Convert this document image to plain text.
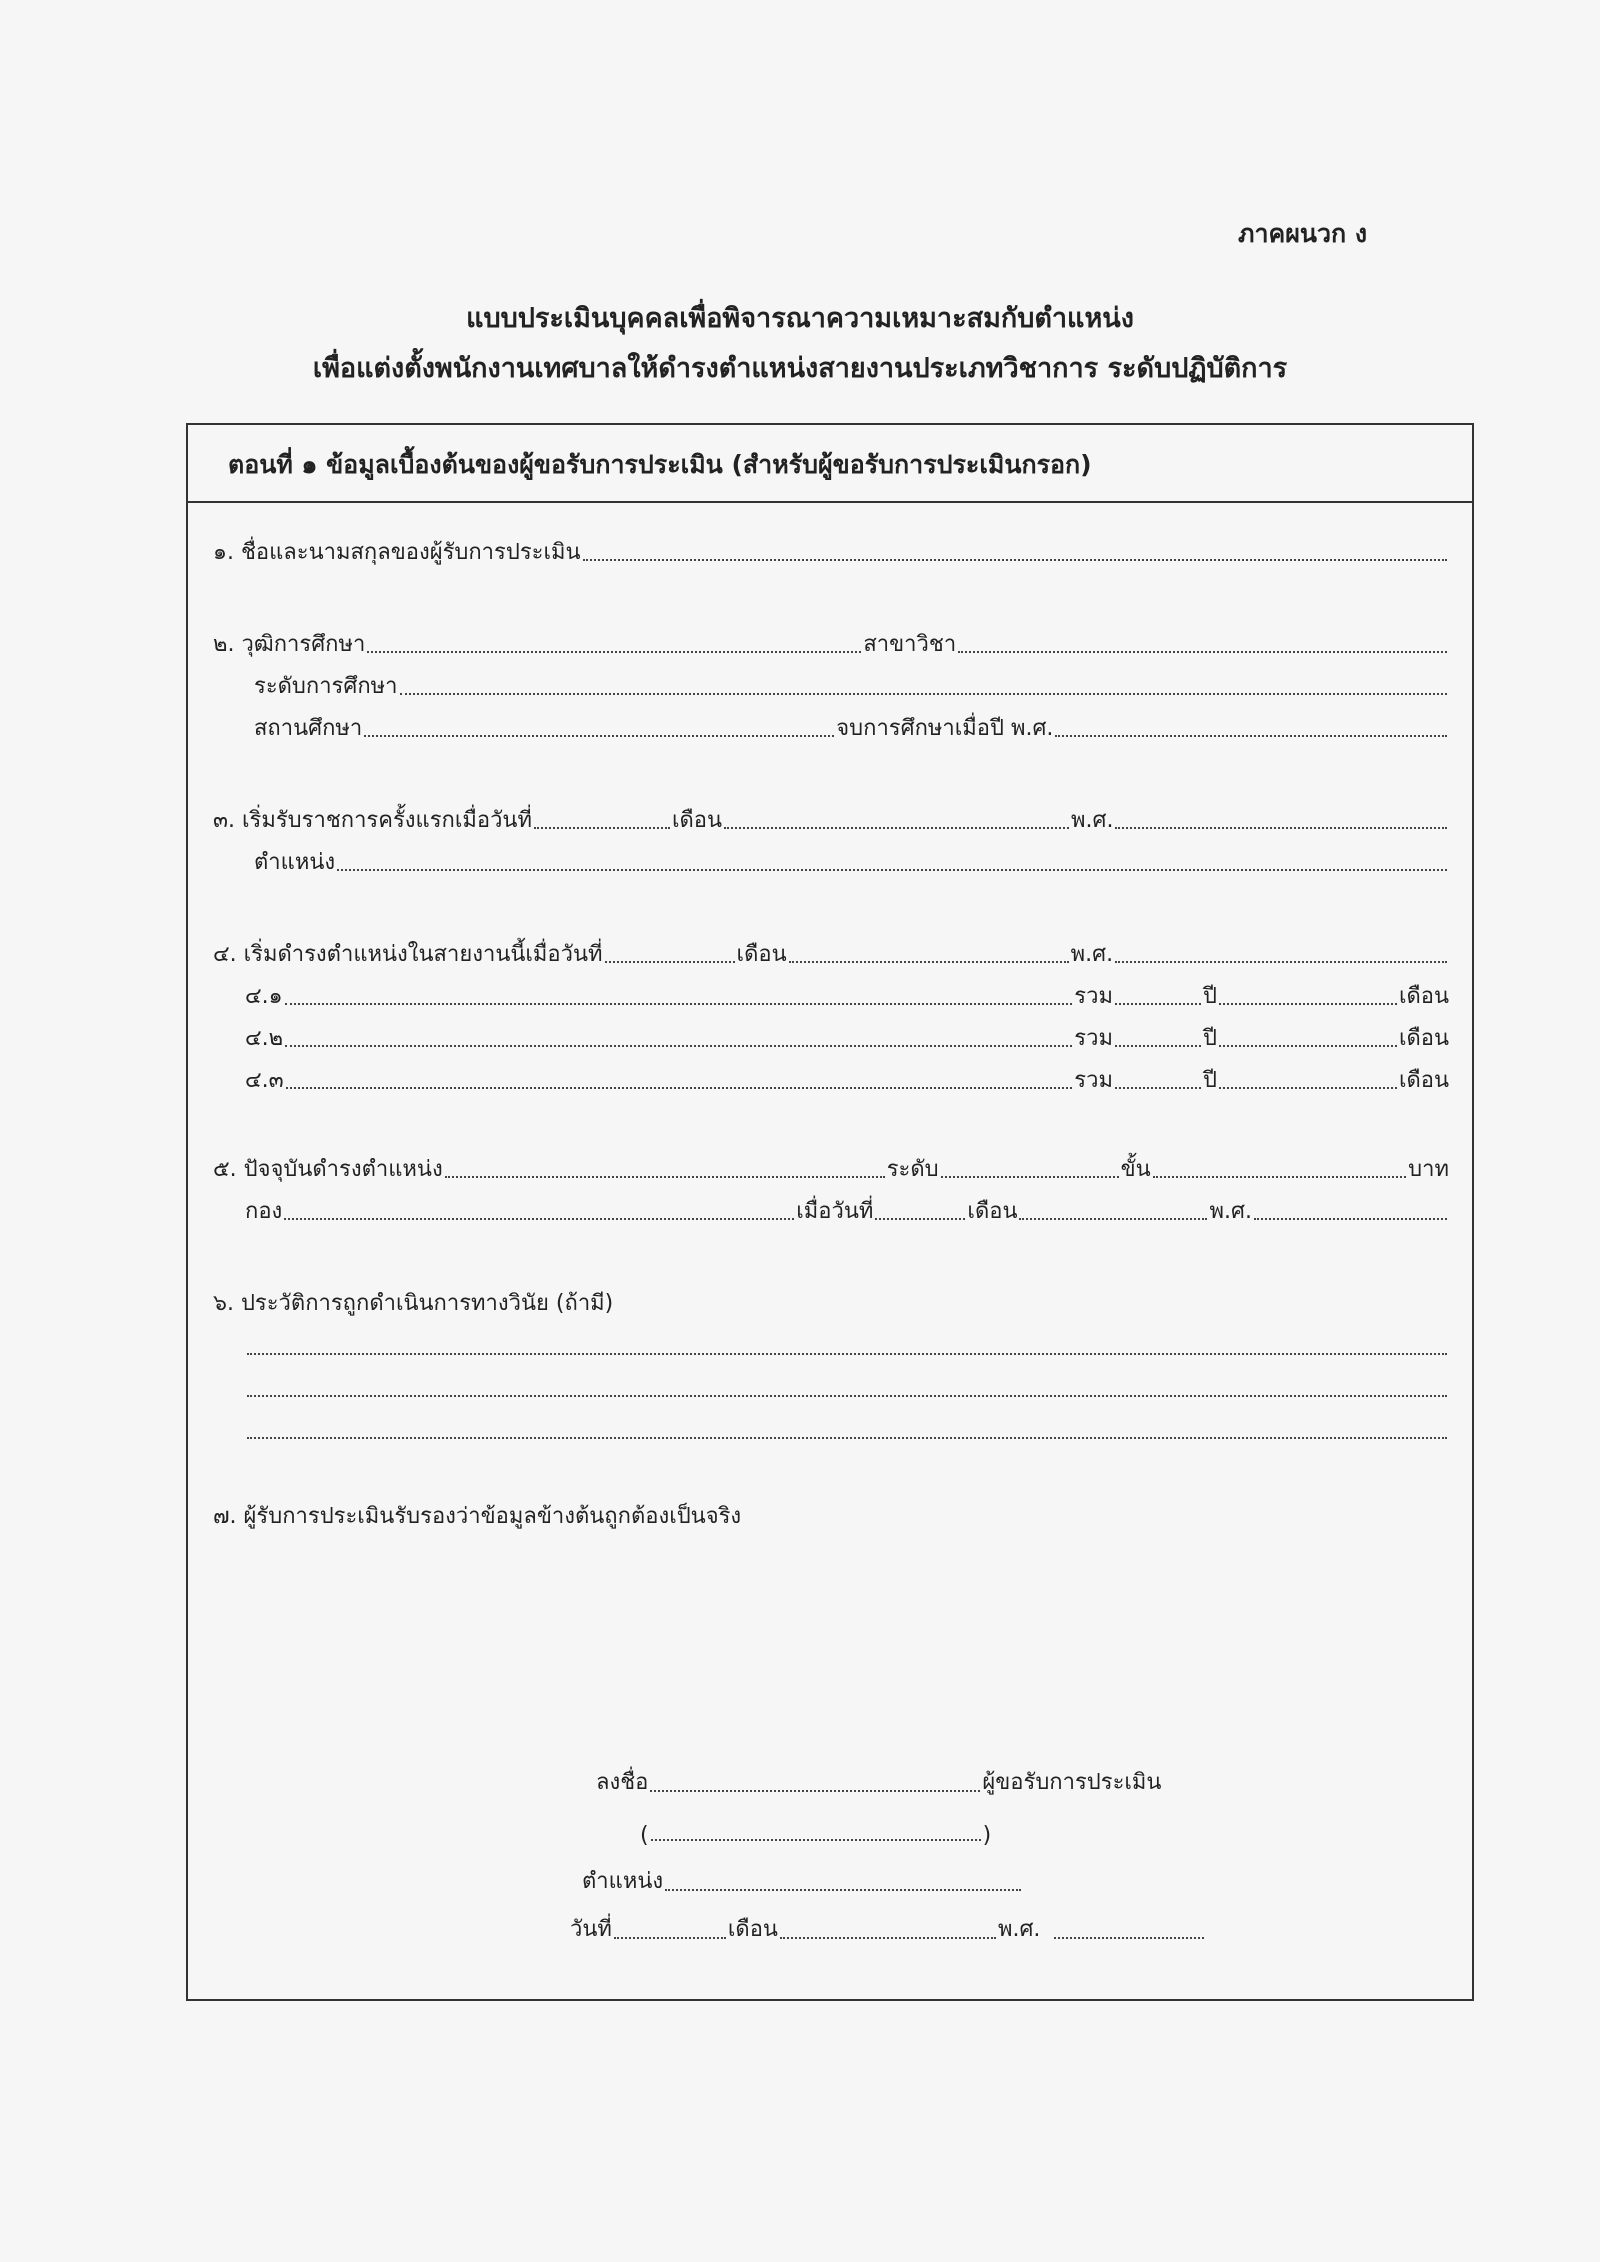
ภาคผนวก ง
แบบประเมินบุคคลเพื่อพิจารณาความเหมาะสมกับตำแหน่ง
เพื่อแต่งตั้งพนักงานเทศบาลให้ดำรงตำแหน่งสายงานประเภทวิชาการ ระดับปฏิบัติการ
ตอนที่ ๑ ข้อมูลเบื้องต้นของผู้ขอรับการประเมิน (สำหรับผู้ขอรับการประเมินกรอก)
๑. ชื่อและนามสกุลของผู้รับการประเมิน
๒. วุฒิการศึกษา	สาขาวิชา
ระดับการศึกษา
สถานศึกษา	จบการศึกษาเมื่อปี พ.ศ.
๓. เริ่มรับราชการครั้งแรกเมื่อวันที่	เดือน	พ.ศ.
ตำแหน่ง
๔. เริ่มดำรงตำแหน่งในสายงานนี้เมื่อวันที่	เดือน	พ.ศ.
๔.๑	รวม	ปี	เดือน
๔.๒	รวม	ปี	เดือน
๔.๓	รวม	ปี	เดือน
๕. ปัจจุบันดำรงตำแหน่ง	ระดับ	ขั้น	บาท
กอง	เมื่อวันที่	เดือน	พ.ศ.
๖. ประวัติการถูกดำเนินการทางวินัย (ถ้ามี)
๗. ผู้รับการประเมินรับรองว่าข้อมูลข้างต้นถูกต้องเป็นจริง
ลงชื่อ	ผู้ขอรับการประเมิน
(	)
ตำแหน่ง
วันที่	เดือน	พ.ศ.
